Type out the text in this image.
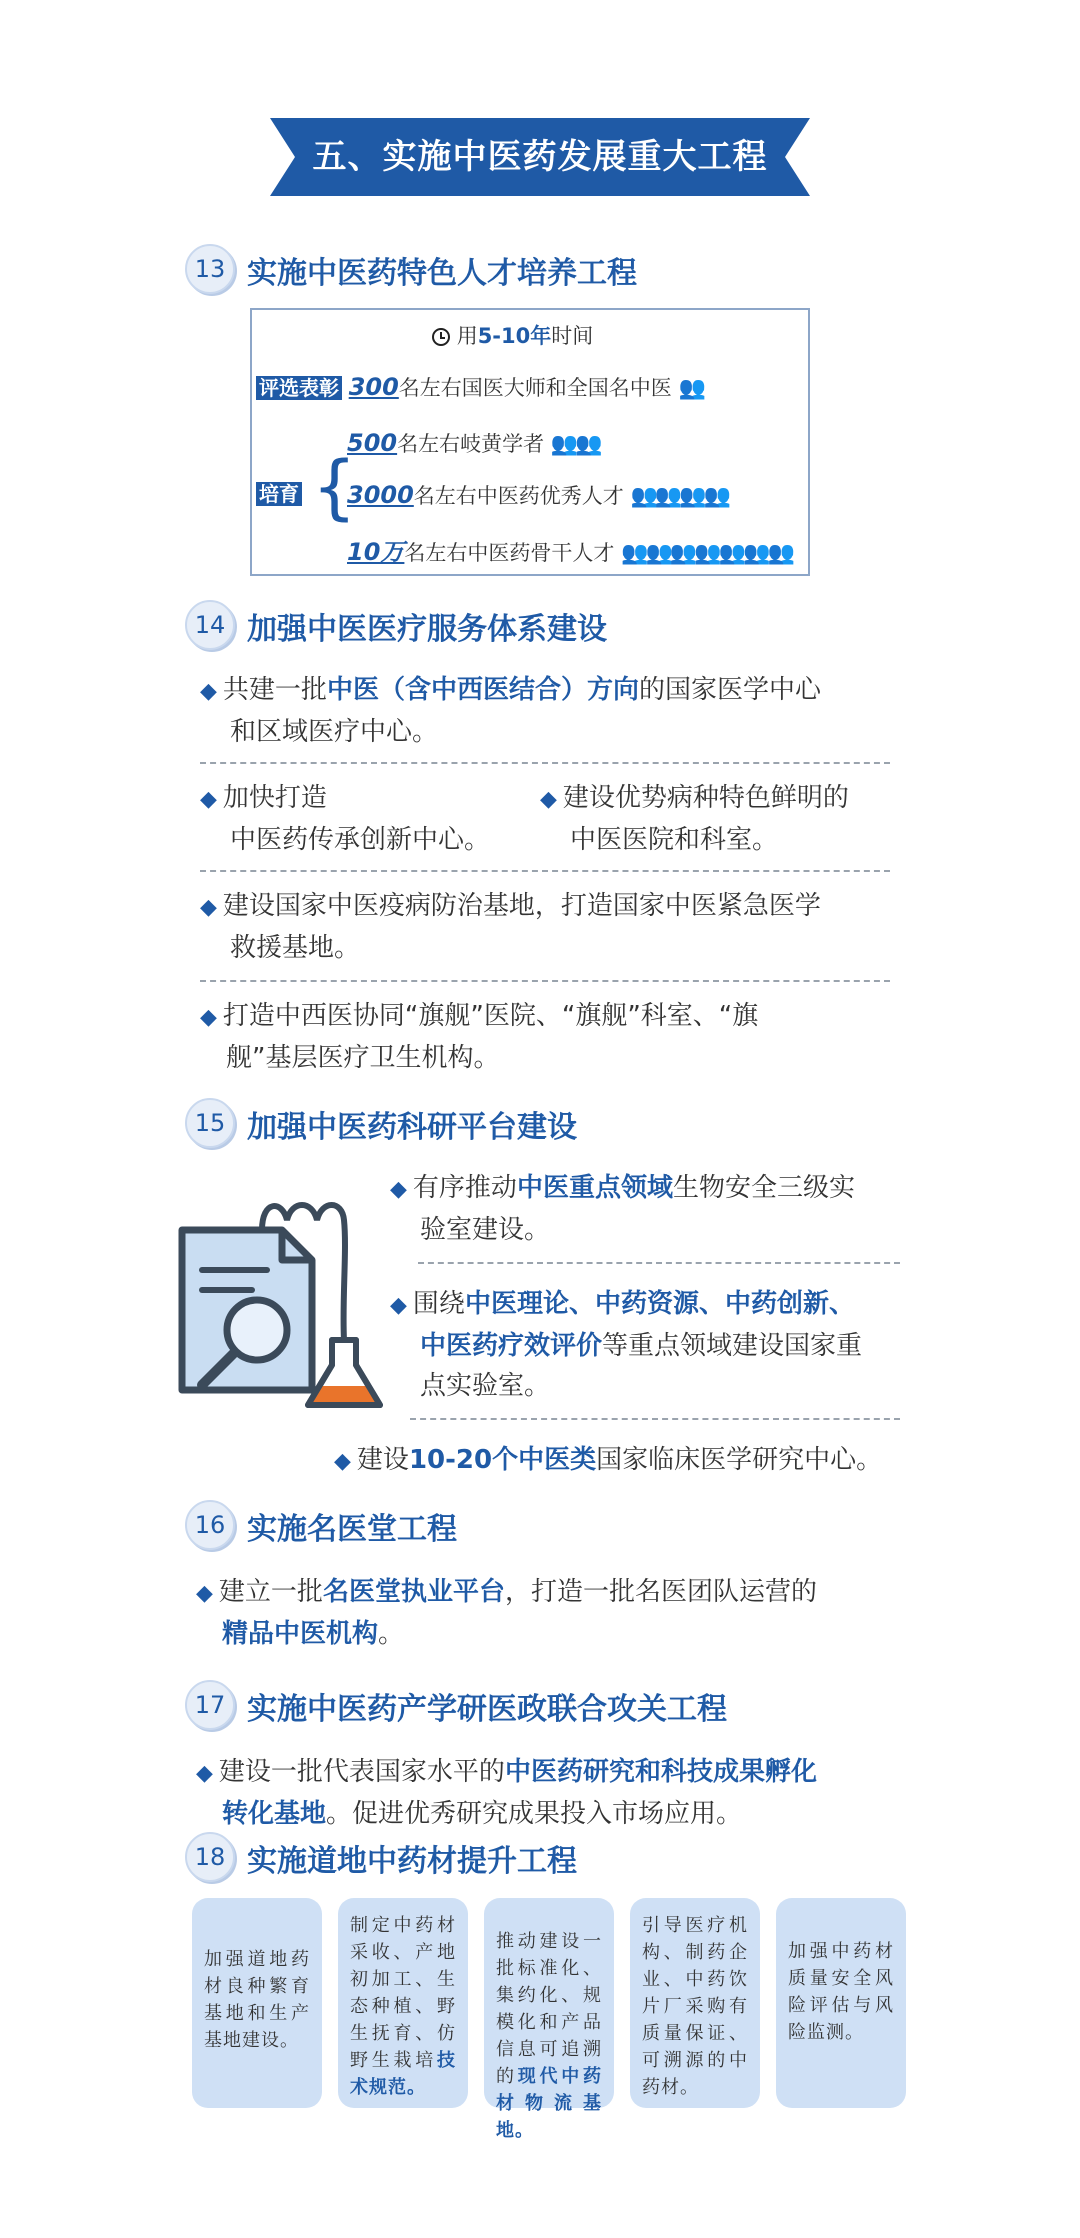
五、实施中医药发展重大工程
13 实施中医药特色人才培养工程
用5-10年时间
评选表彰 300名左右国医大师和全国名中医 👥
培育 {
500名左右岐黄学者 👥👥
3000名左右中医药优秀人才 👥👥👥👥
10万名左右中医药骨干人才 👥👥👥👥👥👥👥
14 加强中医医疗服务体系建设
◆ 共建一批中医（含中西医结合）方向的国家医学中心
和区域医疗中心。
◆ 加快打造
中医药传承创新中心。
◆ 建设优势病种特色鲜明的
中医医院和科室。
◆ 建设国家中医疫病防治基地，打造国家中医紧急医学
救援基地。
◆ 打造中西医协同“旗舰”医院、“旗舰”科室、“旗
舰”基层医疗卫生机构。
15 加强中医药科研平台建设
◆ 有序推动中医重点领域生物安全三级实
验室建设。
◆ 围绕中医理论、中药资源、中药创新、
中医药疗效评价等重点领域建设国家重
点实验室。
◆ 建设10-20个中医类国家临床医学研究中心。
16 实施名医堂工程
◆ 建立一批名医堂执业平台，打造一批名医团队运营的
精品中医机构。
17 实施中医药产学研医政联合攻关工程
◆ 建设一批代表国家水平的中医药研究和科技成果孵化
转化基地。促进优秀研究成果投入市场应用。
18 实施道地中药材提升工程
加强道地药材良种繁育基地和生产基地建设。
制定中药材采收、产地初加工、生态种植、野生抚育、仿野生栽培技术规范。
推动建设一批标准化、集约化、规模化和产品信息可追溯的现代中药材物流基地。
引导医疗机构、制药企业、中药饮片厂采购有质量保证、可溯源的中药材。
加强中药材质量安全风险评估与风险监测。
